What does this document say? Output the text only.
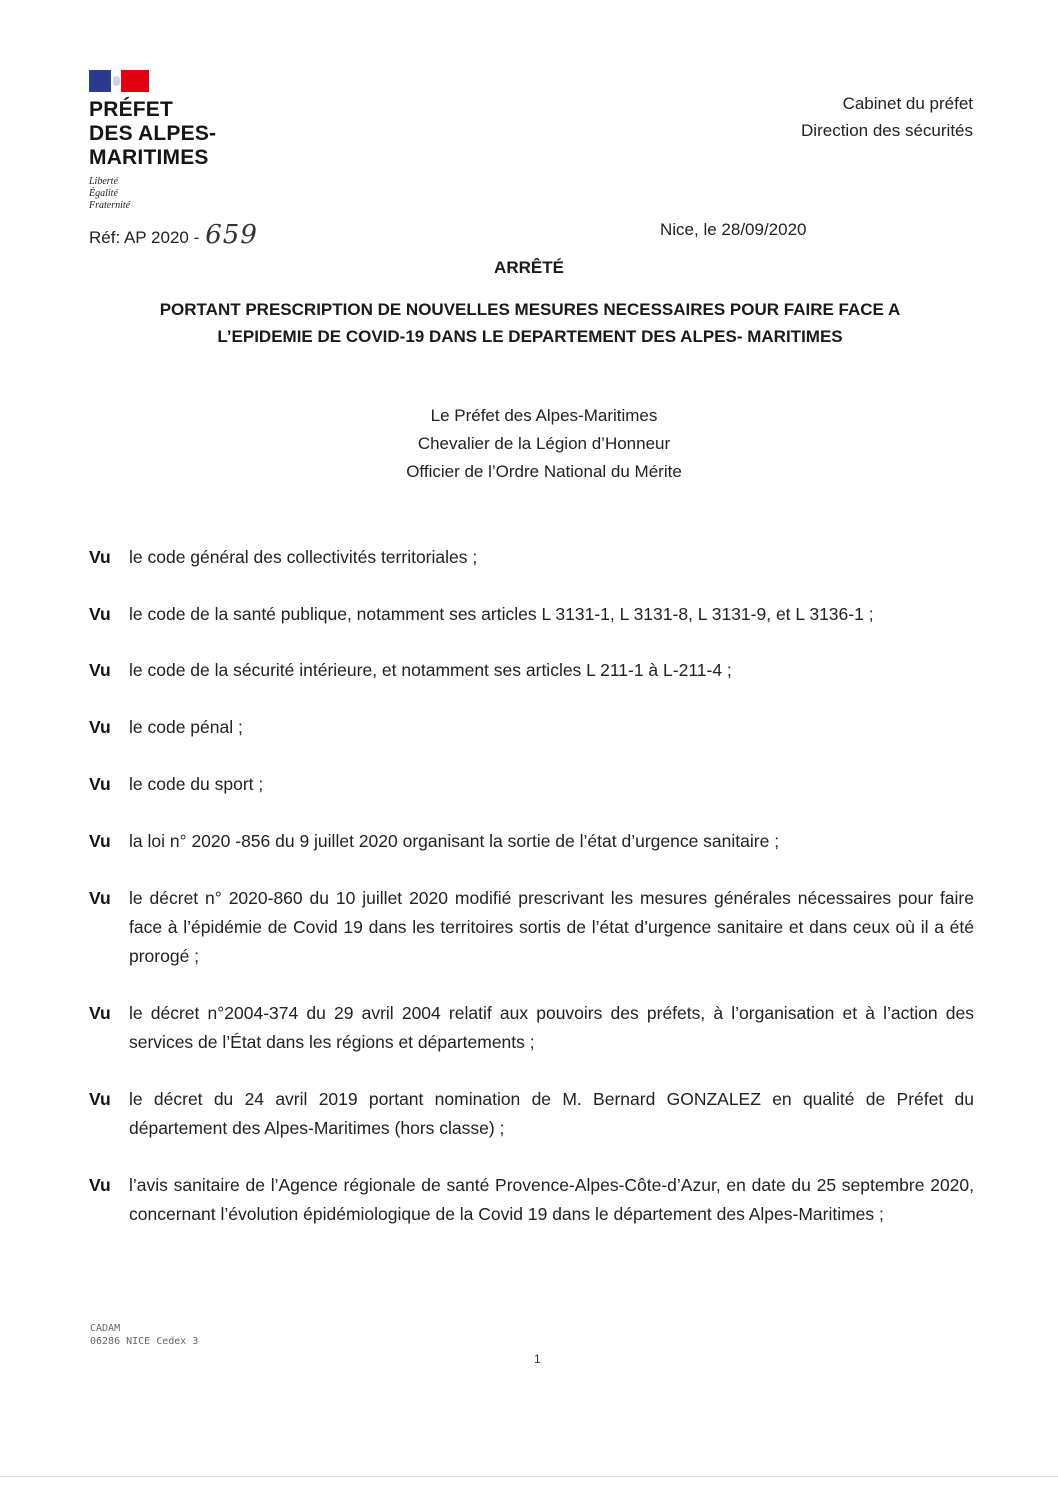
PRÉFET
DES ALPES-
MARITIMES
Liberté
Égalité
Fraternité
Cabinet du préfet
Direction des sécurités
Réf: AP 2020 - 659	Nice, le 28/09/2020
ARRÊTÉ
PORTANT PRESCRIPTION DE NOUVELLES MESURES NECESSAIRES POUR FAIRE FACE A
L’EPIDEMIE DE COVID-19 DANS LE DEPARTEMENT DES ALPES- MARITIMES
Le Préfet des Alpes-Maritimes
Chevalier de la Légion d’Honneur
Officier de l’Ordre National du Mérite
Vu	le code général des collectivités territoriales ;
Vu	le code de la santé publique, notamment ses articles L 3131-1, L 3131-8, L 3131-9, et L 3136-1 ;
Vu	le code de la sécurité intérieure, et notamment ses articles L 211-1 à L-211-4 ;
Vu	le code pénal ;
Vu	le code du sport ;
Vu	la loi n° 2020 -856 du 9 juillet 2020 organisant la sortie de l’état d’urgence sanitaire ;
Vu	le décret n° 2020-860 du 10 juillet 2020 modifié prescrivant les mesures générales nécessaires pour faire face à l’épidémie de Covid 19 dans les territoires sortis de l’état d’urgence sanitaire et dans ceux où il a été prorogé ;
Vu	le décret n°2004-374 du 29 avril 2004 relatif aux pouvoirs des préfets, à l’organisation et à l’action des services de l’État dans les régions et départements ;
Vu	le décret du 24 avril 2019 portant nomination de M. Bernard GONZALEZ en qualité de Préfet du département des Alpes-Maritimes (hors classe) ;
Vu	l’avis sanitaire de l’Agence régionale de santé Provence-Alpes-Côte-d’Azur, en date du 25 septembre 2020, concernant l’évolution épidémiologique de la Covid 19 dans le département des Alpes-Maritimes ;
CADAM
06286 NICE Cedex 3
1
